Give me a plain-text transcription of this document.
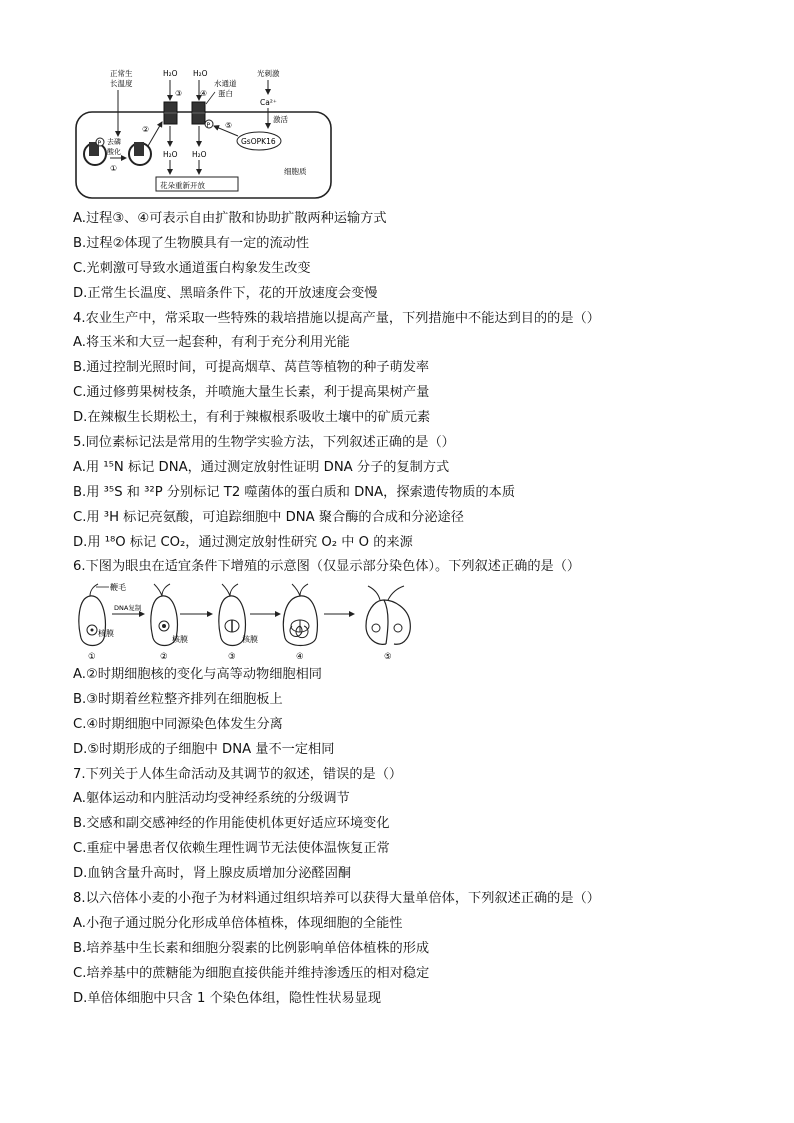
正常生
长温度
H₂O H₂O
③ ④
水通道
蛋白
P
H₂O H₂O
花朵重新开放
光刺激
Ca²⁺
激活
GsOPK16
⑤
细胞质
P 去磷
酸化
①
②
A.过程③、④可表示自由扩散和协助扩散两种运输方式
B.过程②体现了生物膜具有一定的流动性
C.光刺激可导致水通道蛋白构象发生改变
D.正常生长温度、黑暗条件下，花的开放速度会变慢
4.农业生产中，常采取一些特殊的栽培措施以提高产量，下列措施中不能达到目的的是（）
A.将玉米和大豆一起套种，有利于充分利用光能
B.通过控制光照时间，可提高烟草、莴苣等植物的种子萌发率
C.通过修剪果树枝条，并喷施大量生长素，利于提高果树产量
D.在辣椒生长期松土，有利于辣椒根系吸收土壤中的矿质元素
5.同位素标记法是常用的生物学实验方法，下列叙述正确的是（）
A.用 ¹⁵N 标记 DNA，通过测定放射性证明 DNA 分子的复制方式
B.用 ³⁵S 和 ³²P 分别标记 T2 噬菌体的蛋白质和 DNA，探索遗传物质的本质
C.用 ³H 标记亮氨酸，可追踪细胞中 DNA 聚合酶的合成和分泌途径
D.用 ¹⁸O 标记 CO₂，通过测定放射性研究 O₂ 中 O 的来源
6.下图为眼虫在适宜条件下增殖的示意图（仅显示部分染色体）。下列叙述正确的是（）
鞭毛
核膜
DNA复制
核膜	核膜
①	②	③	④	⑤
A.②时期细胞核的变化与高等动物细胞相同
B.③时期着丝粒整齐排列在细胞板上
C.④时期细胞中同源染色体发生分离
D.⑤时期形成的子细胞中 DNA 量不一定相同
7.下列关于人体生命活动及其调节的叙述，错误的是（）
A.躯体运动和内脏活动均受神经系统的分级调节
B.交感和副交感神经的作用能使机体更好适应环境变化
C.重症中暑患者仅依赖生理性调节无法使体温恢复正常
D.血钠含量升高时，肾上腺皮质增加分泌醛固酮
8.以六倍体小麦的小孢子为材料通过组织培养可以获得大量单倍体，下列叙述正确的是（）
A.小孢子通过脱分化形成单倍体植株，体现细胞的全能性
B.培养基中生长素和细胞分裂素的比例影响单倍体植株的形成
C.培养基中的蔗糖能为细胞直接供能并维持渗透压的相对稳定
D.单倍体细胞中只含 1 个染色体组，隐性性状易显现
